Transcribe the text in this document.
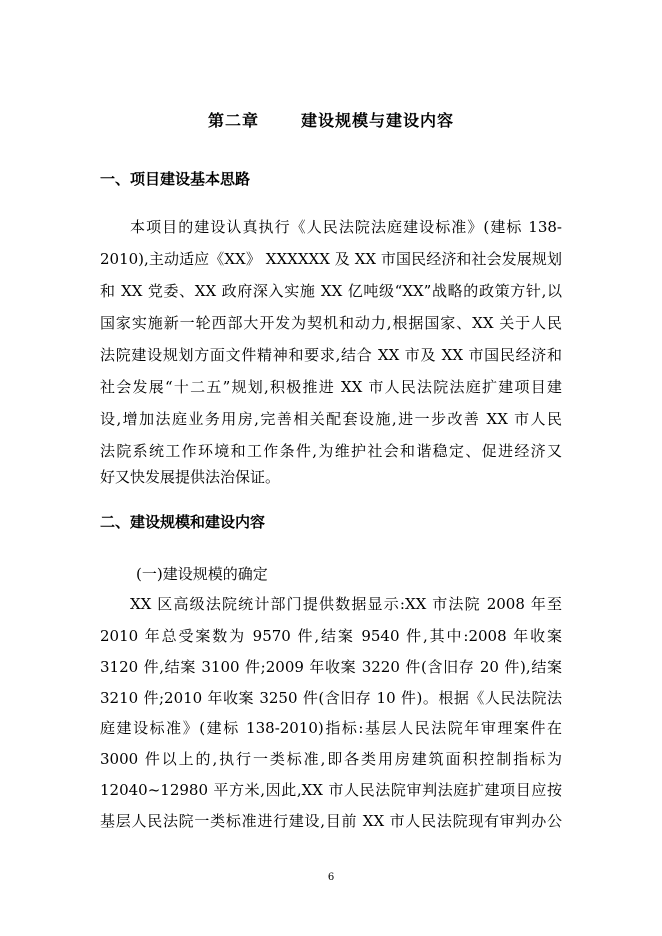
第二章	建设规模与建设内容
一、项目建设基本思路
本项目的建设认真执行《人民法院法庭建设标准》(建标 138-
2010),主动适应《XX》 XXXXXX 及 XX 市国民经济和社会发展规划
和 XX 党委、XX 政府深入实施 XX 亿吨级“XX”战略的政策方针,以
国家实施新一轮西部大开发为契机和动力,根据国家、XX 关于人民
法院建设规划方面文件精神和要求,结合 XX 市及 XX 市国民经济和
社会发展“十二五”规划,积极推进 XX 市人民法院法庭扩建项目建
设,增加法庭业务用房,完善相关配套设施,进一步改善 XX 市人民
法院系统工作环境和工作条件,为维护社会和谐稳定、促进经济又
好又快发展提供法治保证。
二、建设规模和建设内容
(一)建设规模的确定
XX 区高级法院统计部门提供数据显示:XX 市法院 2008 年至
2010 年总受案数为 9570 件,结案 9540 件,其中:2008 年收案
3120 件,结案 3100 件;2009 年收案 3220 件(含旧存 20 件),结案
3210 件;2010 年收案 3250 件(含旧存 10 件)。根据《人民法院法
庭建设标准》(建标 138-2010)指标:基层人民法院年审理案件在
3000 件以上的,执行一类标准,即各类用房建筑面积控制指标为
12040~12980 平方米,因此,XX 市人民法院审判法庭扩建项目应按
基层人民法院一类标准进行建设,目前 XX 市人民法院现有审判办公
6
